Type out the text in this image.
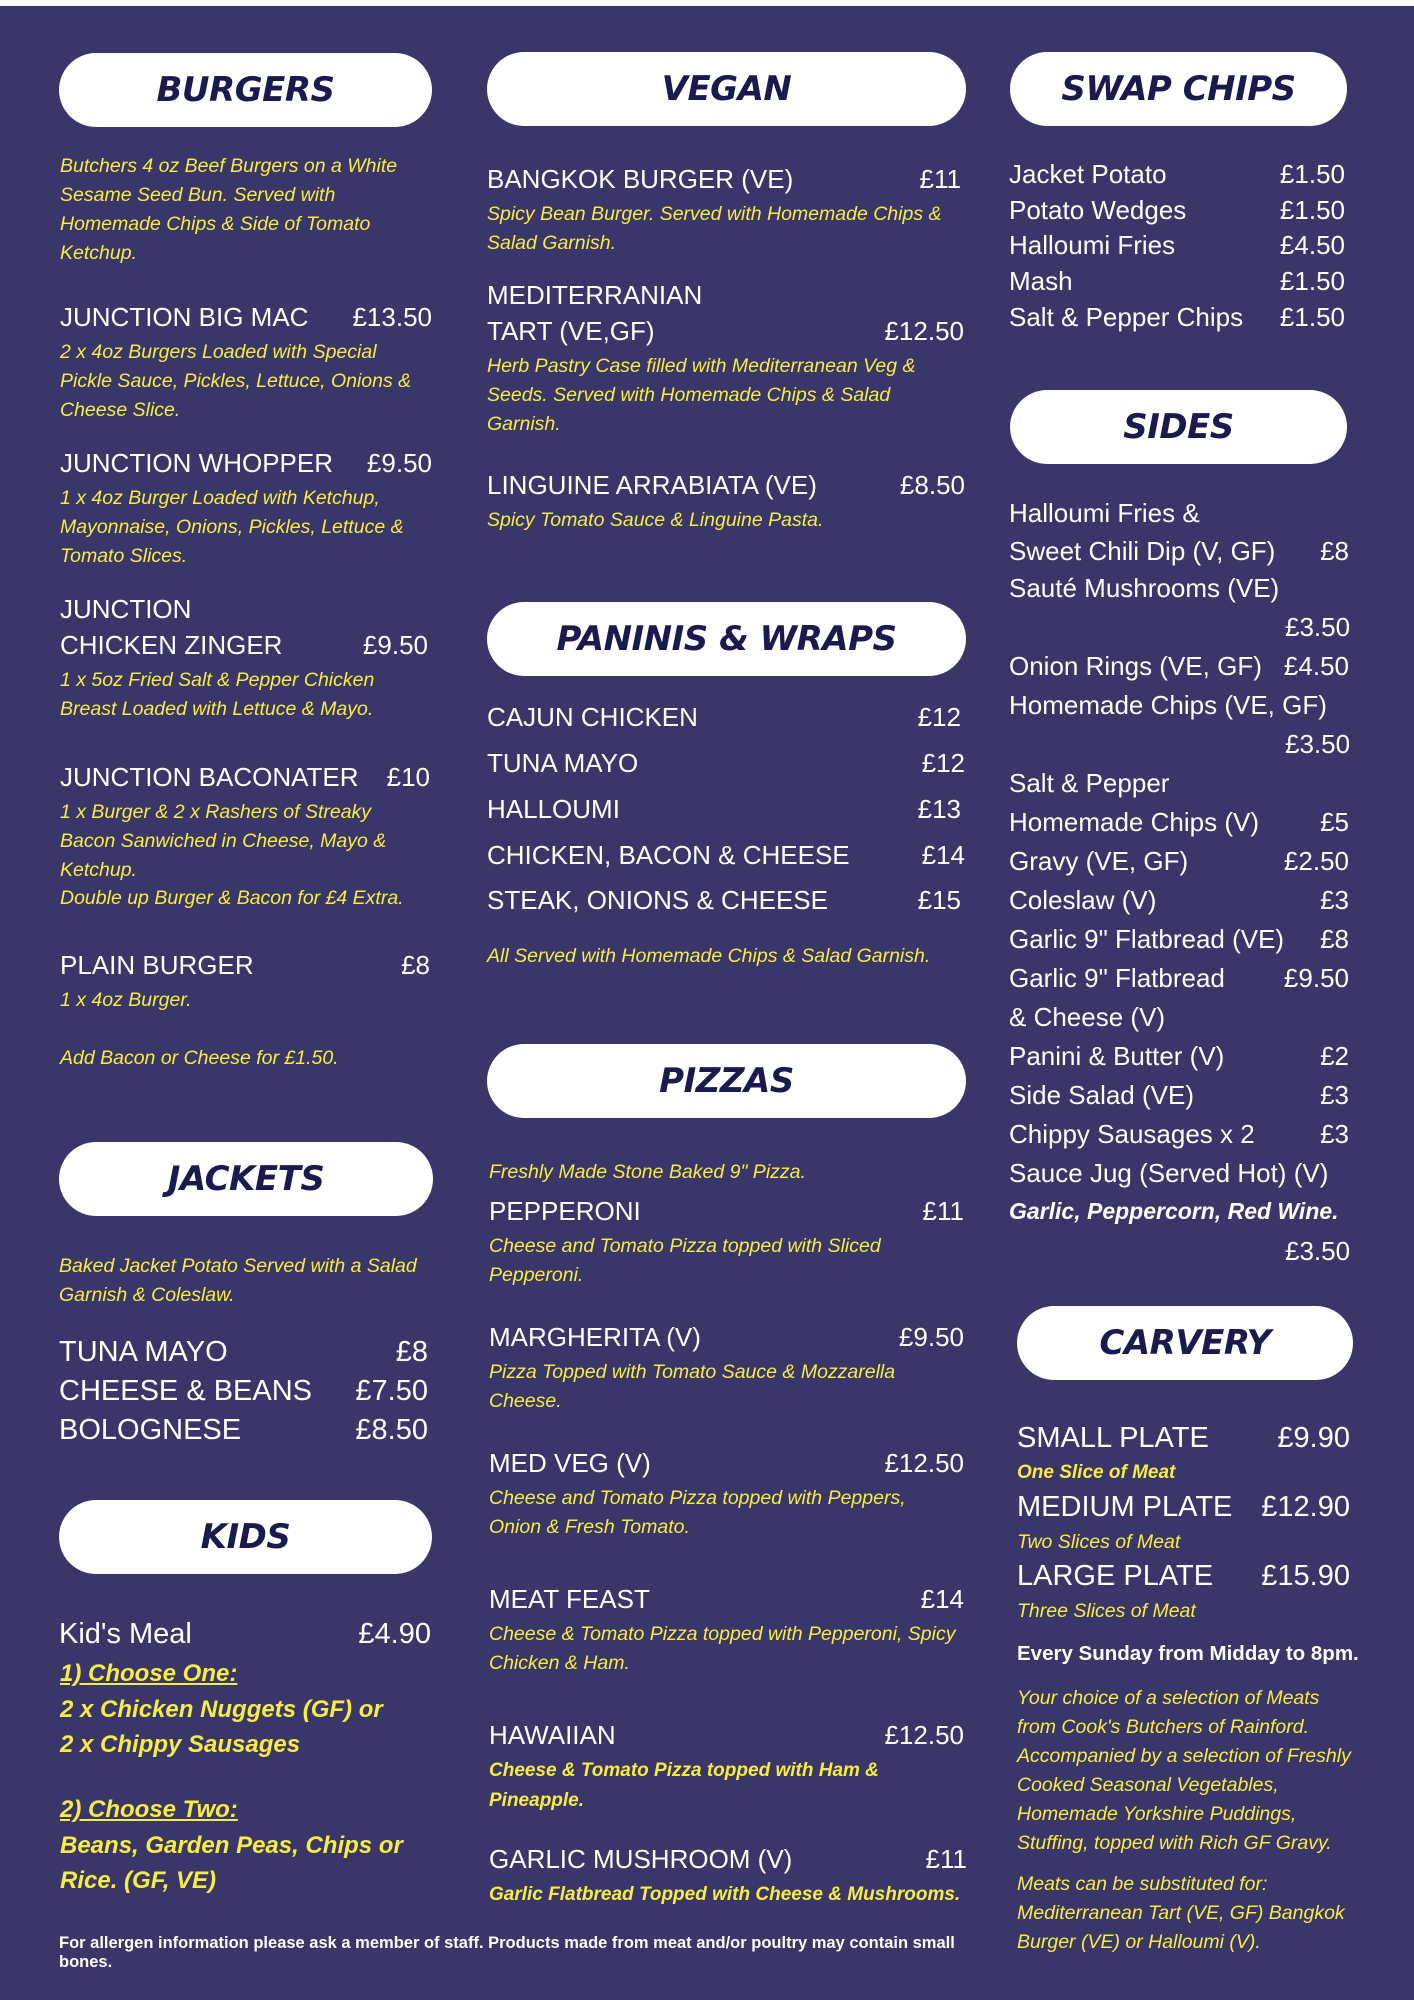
BURGERS
Butchers 4 oz Beef Burgers on a White Sesame Seed Bun. Served with Homemade Chips & Side of Tomato Ketchup.
JUNCTION BIG MAC £13.50
2 x 4oz Burgers Loaded with Special Pickle Sauce, Pickles, Lettuce, Onions & Cheese Slice.
JUNCTION WHOPPER £9.50
1 x 4oz Burger Loaded with Ketchup, Mayonnaise, Onions, Pickles, Lettuce & Tomato Slices.
JUNCTION
CHICKEN ZINGER	£9.50
1 x 5oz Fried Salt & Pepper Chicken Breast Loaded with Lettuce & Mayo.
JUNCTION BACONATER £10
1 x Burger & 2 x Rashers of Streaky Bacon Sanwiched in Cheese, Mayo & Ketchup.
Double up Burger & Bacon for £4 Extra.
PLAIN BURGER	£8
1 x 4oz Burger.
Add Bacon or Cheese for £1.50.
JACKETS
Baked Jacket Potato Served with a Salad Garnish & Coleslaw.
TUNA MAYO	£8
CHEESE & BEANS £7.50
BOLOGNESE	£8.50
KIDS
Kid's Meal	£4.90
1) Choose One:
2 x Chicken Nuggets (GF) or
2 x Chippy Sausages
2) Choose Two:
Beans, Garden Peas, Chips or
Rice. (GF, VE)
For allergen information please ask a member of staff. Products made from meat and/or poultry may contain small bones.
VEGAN
BANGKOK BURGER (VE)	£11
Spicy Bean Burger. Served with Homemade Chips & Salad Garnish.
MEDITERRANIAN
TART (VE,GF)	£12.50
Herb Pastry Case filled with Mediterranean Veg & Seeds. Served with Homemade Chips & Salad Garnish.
LINGUINE ARRABIATA (VE)	£8.50
Spicy Tomato Sauce & Linguine Pasta.
PANINIS & WRAPS
CAJUN CHICKEN	£12
TUNA MAYO	£12
HALLOUMI	£13
CHICKEN, BACON & CHEESE	£14
STEAK, ONIONS & CHEESE	£15
All Served with Homemade Chips & Salad Garnish.
PIZZAS
Freshly Made Stone Baked 9" Pizza.
PEPPERONI	£11
Cheese and Tomato Pizza topped with Sliced Pepperoni.
MARGHERITA (V)	£9.50
Pizza Topped with Tomato Sauce & Mozzarella Cheese.
MED VEG (V)	£12.50
Cheese and Tomato Pizza topped with Peppers, Onion & Fresh Tomato.
MEAT FEAST	£14
Cheese & Tomato Pizza topped with Pepperoni, Spicy Chicken & Ham.
HAWAIIAN	£12.50
Cheese & Tomato Pizza topped with Ham & Pineapple.
GARLIC MUSHROOM (V)	£11
Garlic Flatbread Topped with Cheese & Mushrooms.
SWAP CHIPS
Jacket Potato	£1.50
Potato Wedges	£1.50
Halloumi Fries	£4.50
Mash	£1.50
Salt & Pepper Chips £1.50
SIDES
Halloumi Fries &
Sweet Chili Dip (V, GF) £8
Sauté Mushrooms (VE)
£3.50
Onion Rings (VE, GF) £4.50
Homemade Chips (VE, GF)
£3.50
Salt & Pepper
Homemade Chips (V) £5
Gravy (VE, GF)	£2.50
Coleslaw (V)	£3
Garlic 9" Flatbread (VE) £8
Garlic 9" Flatbread £9.50
& Cheese (V)
Panini & Butter (V)	£2
Side Salad (VE)	£3
Chippy Sausages x 2	£3
Sauce Jug (Served Hot) (V)
Garlic, Peppercorn, Red Wine.
£3.50
CARVERY
SMALL PLATE £9.90
One Slice of Meat
MEDIUM PLATE £12.90
Two Slices of Meat
LARGE PLATE £15.90
Three Slices of Meat
Every Sunday from Midday to 8pm.
Your choice of a selection of Meats from Cook's Butchers of Rainford. Accompanied by a selection of Freshly Cooked Seasonal Vegetables, Homemade Yorkshire Puddings, Stuffing, topped with Rich GF Gravy.
Meats can be substituted for: Mediterranean Tart (VE, GF) Bangkok Burger (VE) or Halloumi (V).
